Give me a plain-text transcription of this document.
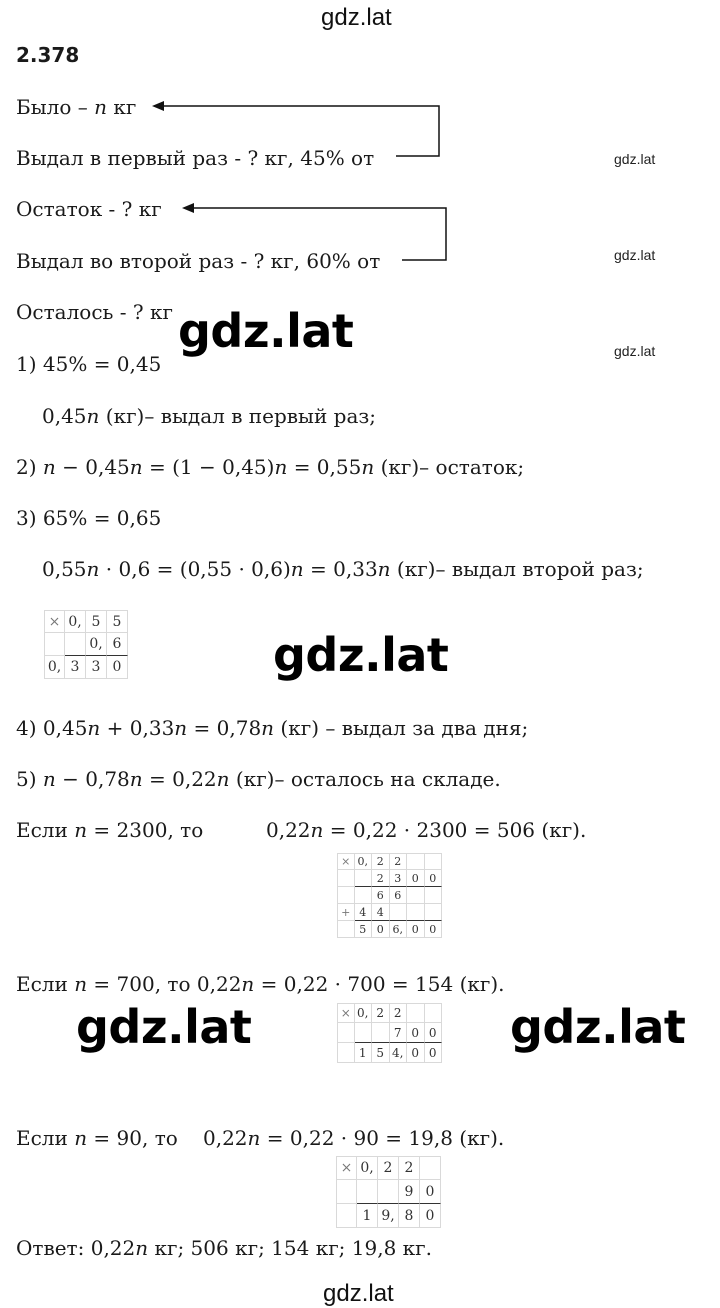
gdz.lat
gdz.lat
gdz.lat
gdz.lat
gdz.lat
gdz.lat
gdz.lat	gdz.lat
gdz.lat
2.378
Было – n кг
Выдал в первый раз - ? кг, 45% от
Остаток - ? кг
Выдал во второй раз - ? кг, 60% от
Осталось - ? кг
1) 45% = 0,45
0,45𝑛 (кг)– выдал в первый раз;
2) 𝑛 − 0,45𝑛 = (1 − 0,45)𝑛 = 0,55𝑛 (кг)– остаток;
3) 65% = 0,65
0,55𝑛 · 0,6 = (0,55 · 0,6)𝑛 = 0,33𝑛 (кг)– выдал второй раз;
× 0, 5 5
0, 6
0, 3 3 0
4) 0,45𝑛 + 0,33𝑛 = 0,78𝑛 (кг) – выдал за два дня;
5) 𝑛 − 0,78𝑛 = 0,22𝑛 (кг)– осталось на складе.
Если 𝑛 = 2300, то	0,22𝑛 = 0,22 · 2300 = 506 (кг).
× 0, 2 2
2 3 0 0
6 6
+ 4 4
5 0 6, 0 0
Если 𝑛 = 700, то 0,22𝑛 = 0,22 · 700 = 154 (кг).
× 0, 2 2
7 0 0
1 5 4, 0 0
Если 𝑛 = 90, то 0,22𝑛 = 0,22 · 90 = 19,8 (кг).
× 0, 2 2
9 0
1 9, 8 0
Ответ: 0,22𝑛 кг; 506 кг; 154 кг; 19,8 кг.
